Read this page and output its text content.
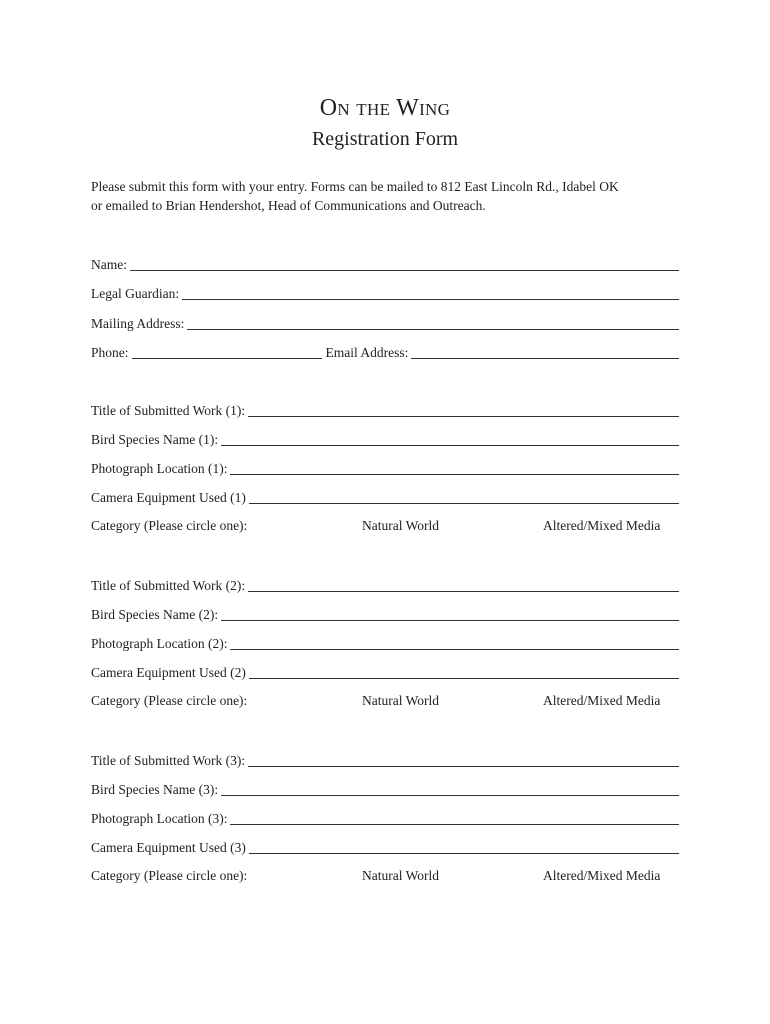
On the Wing
Registration Form

Please submit this form with your entry. Forms can be mailed to 812 East Lincoln Rd., Idabel OK

or emailed to Brian Hendershot, Head of Communications and Outreach.

Name:
Legal Guardian:
Mailing Address:
Phone:	Email Address:
Title of Submitted Work (1):
Bird Species Name (1):
Photograph Location (1):
Camera Equipment Used (1)
Category (Please circle one):	Natural World	Altered/Mixed Media
Title of Submitted Work (2):
Bird Species Name (2):
Photograph Location (2):
Camera Equipment Used (2)
Category (Please circle one):	Natural World	Altered/Mixed Media
Title of Submitted Work (3):
Bird Species Name (3):
Photograph Location (3):
Camera Equipment Used (3)
Category (Please circle one):	Natural World	Altered/Mixed Media
